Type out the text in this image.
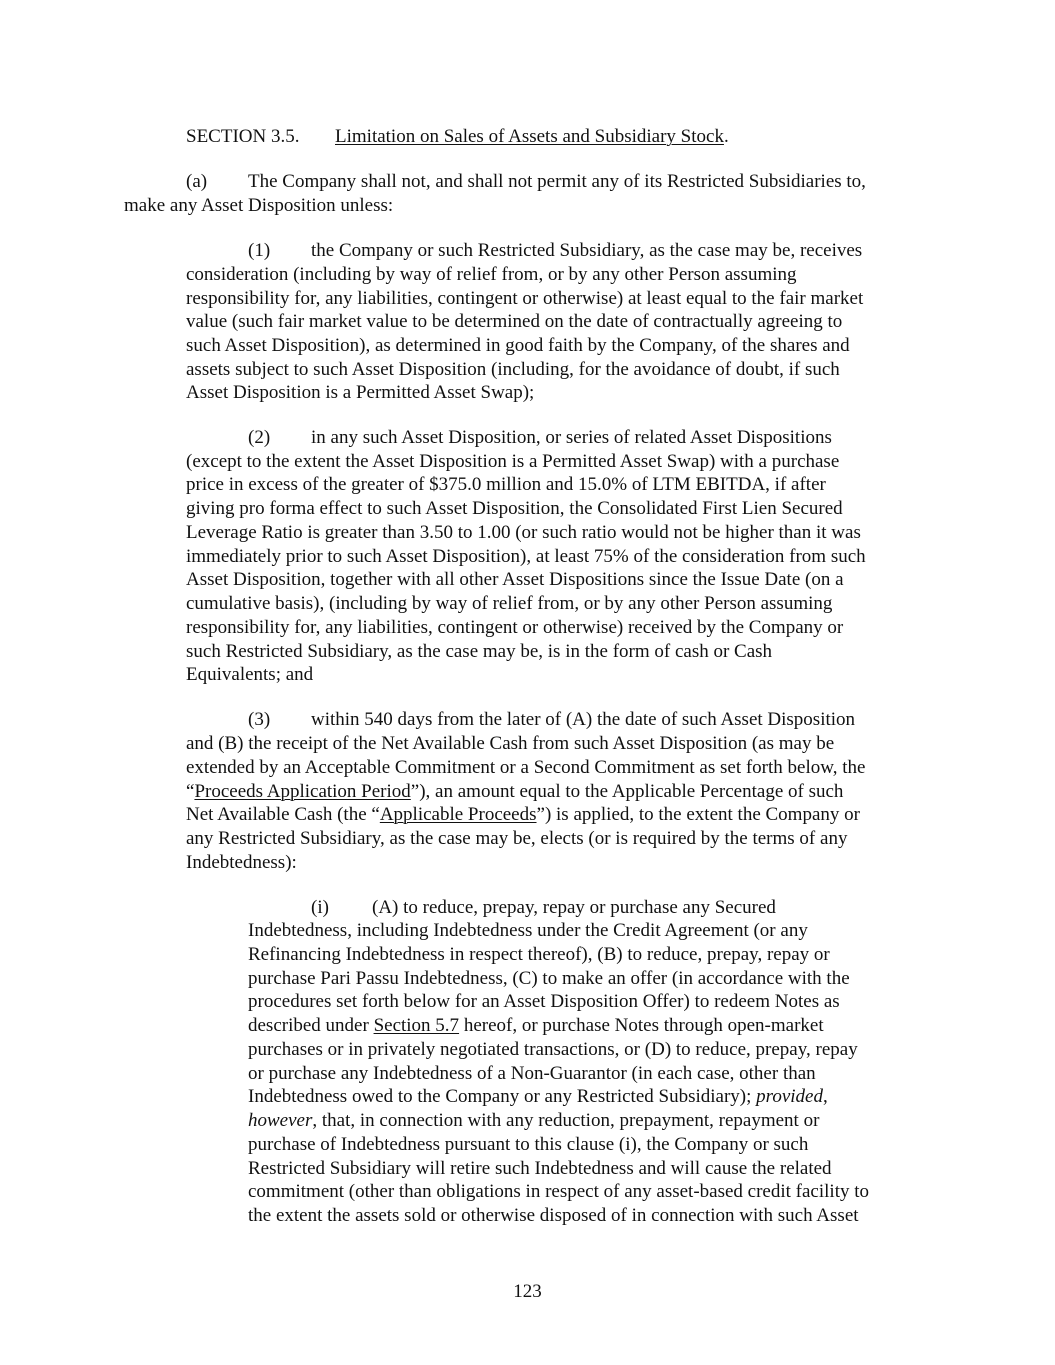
SECTION 3.5. Limitation on Sales of Assets and Subsidiary Stock.
(a) The Company shall not, and shall not permit any of its Restricted Subsidiaries to,
make any Asset Disposition unless:
(1) the Company or such Restricted Subsidiary, as the case may be, receives
consideration (including by way of relief from, or by any other Person assuming
responsibility for, any liabilities, contingent or otherwise) at least equal to the fair market
value (such fair market value to be determined on the date of contractually agreeing to
such Asset Disposition), as determined in good faith by the Company, of the shares and
assets subject to such Asset Disposition (including, for the avoidance of doubt, if such
Asset Disposition is a Permitted Asset Swap);
(2) in any such Asset Disposition, or series of related Asset Dispositions
(except to the extent the Asset Disposition is a Permitted Asset Swap) with a purchase
price in excess of the greater of $375.0 million and 15.0% of LTM EBITDA, if after
giving pro forma effect to such Asset Disposition, the Consolidated First Lien Secured
Leverage Ratio is greater than 3.50 to 1.00 (or such ratio would not be higher than it was
immediately prior to such Asset Disposition), at least 75% of the consideration from such
Asset Disposition, together with all other Asset Dispositions since the Issue Date (on a
cumulative basis), (including by way of relief from, or by any other Person assuming
responsibility for, any liabilities, contingent or otherwise) received by the Company or
such Restricted Subsidiary, as the case may be, is in the form of cash or Cash
Equivalents; and
(3) within 540 days from the later of (A) the date of such Asset Disposition
and (B) the receipt of the Net Available Cash from such Asset Disposition (as may be
extended by an Acceptable Commitment or a Second Commitment as set forth below, the
“Proceeds Application Period”), an amount equal to the Applicable Percentage of such
Net Available Cash (the “Applicable Proceeds”) is applied, to the extent the Company or
any Restricted Subsidiary, as the case may be, elects (or is required by the terms of any
Indebtedness):
(i) (A) to reduce, prepay, repay or purchase any Secured
Indebtedness, including Indebtedness under the Credit Agreement (or any
Refinancing Indebtedness in respect thereof), (B) to reduce, prepay, repay or
purchase Pari Passu Indebtedness, (C) to make an offer (in accordance with the
procedures set forth below for an Asset Disposition Offer) to redeem Notes as
described under Section 5.7 hereof, or purchase Notes through open-market
purchases or in privately negotiated transactions, or (D) to reduce, prepay, repay
or purchase any Indebtedness of a Non-Guarantor (in each case, other than
Indebtedness owed to the Company or any Restricted Subsidiary); provided,
however, that, in connection with any reduction, prepayment, repayment or
purchase of Indebtedness pursuant to this clause (i), the Company or such
Restricted Subsidiary will retire such Indebtedness and will cause the related
commitment (other than obligations in respect of any asset-based credit facility to
the extent the assets sold or otherwise disposed of in connection with such Asset
123
